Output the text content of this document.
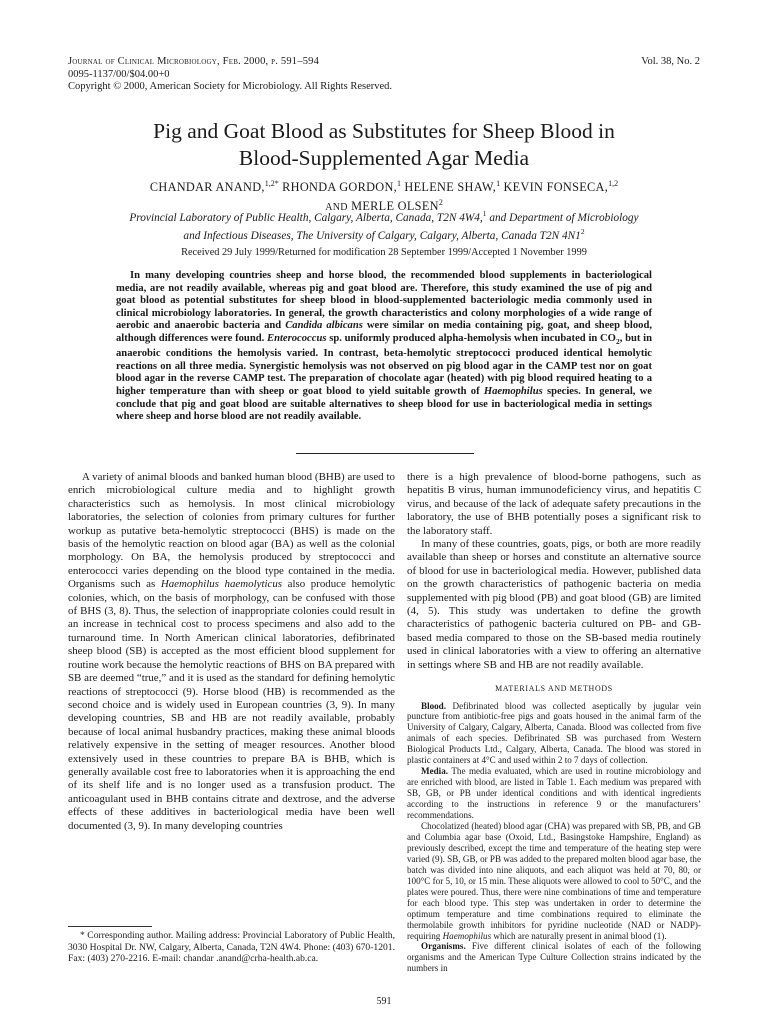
Journal of Clinical Microbiology, Feb. 2000, p. 591–594
0095-1137/00/$04.00+0
Copyright © 2000, American Society for Microbiology. All Rights Reserved.
Vol. 38, No. 2
Pig and Goat Blood as Substitutes for Sheep Blood in
Blood-Supplemented Agar Media
CHANDAR ANAND,$^{1,2*}$ RHONDA GORDON,$^1$ HELENE SHAW,$^1$ KEVIN FONSECA,$^{1,2}$
AND MERLE OLSEN$^2$
Provincial Laboratory of Public Health, Calgary, Alberta, Canada, T2N 4W4,$^1$ and Department of Microbiology
and Infectious Diseases, The University of Calgary, Calgary, Alberta, Canada T2N $4N1^2$
Received 29 July 1999/Returned for modification 28 September 1999/Accepted 1 November 1999
In many developing countries sheep and horse blood, the recommended blood supplements in bacteriological media, are not readily available, whereas pig and goat blood are. Therefore, this study examined the use of pig and goat blood as potential substitutes for sheep blood in blood-supplemented bacteriologic media commonly used in clinical microbiology laboratories. In general, the growth characteristics and colony morphologies of a wide range of aerobic and anaerobic bacteria and Candida albicans were similar on media containing pig, goat, and sheep blood, although differences were found. Enterococcus sp. uniformly produced alpha-hemolysis when incubated in $CO_2$, but in anaerobic conditions the hemolysis varied. In contrast, beta-hemolytic streptococci produced identical hemolytic reactions on all three media. Synergistic hemolysis was not observed on pig blood agar in the CAMP test nor on goat blood agar in the reverse CAMP test. The preparation of chocolate agar (heated) with pig blood required heating to a higher temperature than with sheep or goat blood to yield suitable growth of Haemophilus species. In general, we conclude that pig and goat blood are suitable alternatives to sheep blood for use in bacteriological media in settings where sheep and horse blood are not readily available.

A variety of animal bloods and banked human blood (BHB) are used to enrich microbiological culture media and to highlight growth characteristics such as hemolysis. In most clinical microbiology laboratories, the selection of colonies from primary cultures for further workup as putative beta-hemolytic streptococci (BHS) is made on the basis of the hemolytic reaction on blood agar (BA) as well as the colonial morphology. On BA, the hemolysis produced by streptococci and enterococci varies depending on the blood type contained in the media. Organisms such as Haemophilus haemolyticus also produce hemolytic colonies, which, on the basis of morphology, can be confused with those of BHS (3, 8). Thus, the selection of inappropriate colonies could result in an increase in technical cost to process specimens and also add to the turnaround time. In North American clinical laboratories, defibrinated sheep blood (SB) is accepted as the most efficient blood supplement for routine work because the hemolytic reactions of BHS on BA prepared with SB are deemed “true,” and it is used as the standard for defining hemolytic reactions of streptococci (9). Horse blood (HB) is recommended as the second choice and is widely used in European countries (3, 9). In many developing countries, SB and HB are not readily available, probably because of local animal husbandry practices, making these animal bloods relatively expensive in the setting of meager resources. Another blood extensively used in these countries to prepare BA is BHB, which is generally available cost free to laboratories when it is approaching the end of its shelf life and is no longer used as a transfusion product. The anticoagulant used in BHB contains citrate and dextrose, and the adverse effects of these additives in bacteriological media have been well documented (3, 9). In many developing countries

* Corresponding author. Mailing address: Provincial Laboratory of Public Health, 3030 Hospital Dr. NW, Calgary, Alberta, Canada, T2N 4W4. Phone: (403) 670-1201. Fax: (403) 270-2216. E-mail: chandar .anand@crha-health.ab.ca.

there is a high prevalence of blood-borne pathogens, such as hepatitis B virus, human immunodeficiency virus, and hepatitis C virus, and because of the lack of adequate safety precautions in the laboratory, the use of BHB potentially poses a significant risk to the laboratory staff.

In many of these countries, goats, pigs, or both are more readily available than sheep or horses and constitute an alternative source of blood for use in bacteriological media. However, published data on the growth characteristics of pathogenic bacteria on media supplemented with pig blood (PB) and goat blood (GB) are limited (4, 5). This study was undertaken to define the growth characteristics of pathogenic bacteria cultured on PB- and GB-based media compared to those on the SB-based media routinely used in clinical laboratories with a view to offering an alternative in settings where SB and HB are not readily available.

MATERIALS AND METHODS

Blood. Defibrinated blood was collected aseptically by jugular vein puncture from antibiotic-free pigs and goats housed in the animal farm of the University of Calgary, Calgary, Alberta, Canada. Blood was collected from five animals of each species. Defibrinated SB was purchased from Western Biological Products Ltd., Calgary, Alberta, Canada. The blood was stored in plastic containers at 4°C and used within 2 to 7 days of collection.

Media. The media evaluated, which are used in routine microbiology and are enriched with blood, are listed in Table 1. Each medium was prepared with SB, GB, or PB under identical conditions and with identical ingredients according to the instructions in reference 9 or the manufacturers’ recommendations.

Chocolatized (heated) blood agar (CHA) was prepared with SB, PB, and GB and Columbia agar base (Oxoid, Ltd., Basingstoke Hampshire, England) as previously described, except the time and temperature of the heating step were varied (9). SB, GB, or PB was added to the prepared molten blood agar base, the batch was divided into nine aliquots, and each aliquot was held at 70, 80, or 100°C for 5, 10, or 15 min. These aliquots were allowed to cool to 50°C, and the plates were poured. Thus, there were nine combinations of time and temperature for each blood type. This step was undertaken in order to determine the optimum temperature and time combinations required to eliminate the thermolabile growth inhibitors for pyridine nucleotide (NAD or NADP)-requiring Haemophilus which are naturally present in animal blood (1).

Organisms. Five different clinical isolates of each of the following organisms and the American Type Culture Collection strains indicated by the numbers in

591
